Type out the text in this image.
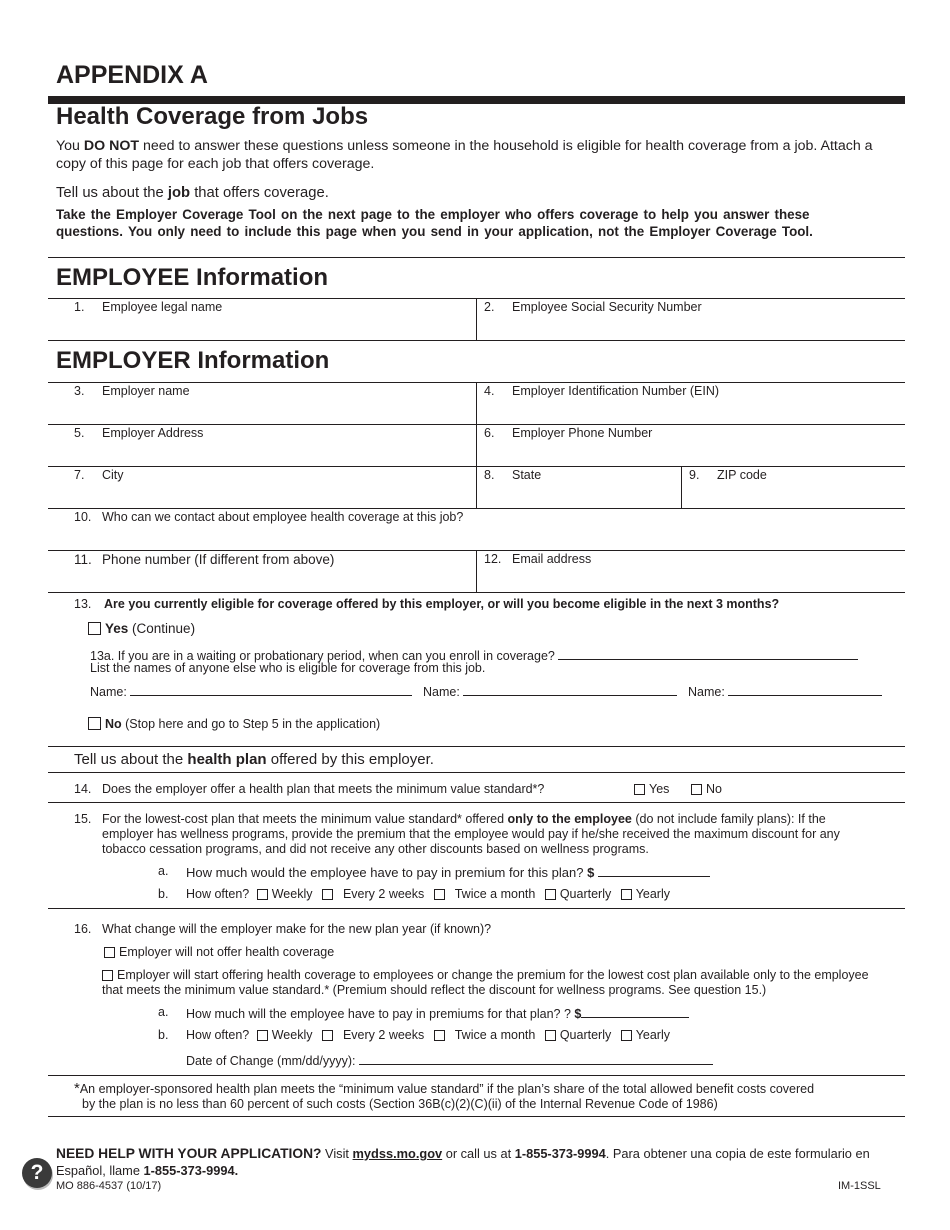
APPENDIX A
Health Coverage from Jobs
You DO NOT need to answer these questions unless someone in the household is eligible for health coverage from a job. Attach a copy of this page for each job that offers coverage.
Tell us about the job that offers coverage.
Take the Employer Coverage Tool on the next page to the employer who offers coverage to help you answer these questions. You only need to include this page when you send in your application, not the Employer Coverage Tool.
EMPLOYEE Information
1. Employee legal name	2. Employee Social Security Number
EMPLOYER Information
3. Employer name	4. Employer Identification Number (EIN)
5. Employer Address	6. Employer Phone Number
7. City	8. State	9. ZIP code
10. Who can we contact about employee health coverage at this job?
11. Phone number (If different from above)	12. Email address
13. Are you currently eligible for coverage offered by this employer, or will you become eligible in the next 3 months?
Yes (Continue)
13a. If you are in a waiting or probationary period, when can you enroll in coverage?
List the names of anyone else who is eligible for coverage from this job.
Name:	Name:	Name:
No (Stop here and go to Step 5 in the application)
Tell us about the health plan offered by this employer.
14. Does the employer offer a health plan that meets the minimum value standard*?	Yes	No
15. For the lowest-cost plan that meets the minimum value standard* offered only to the employee (do not include family plans): If the employer has wellness programs, provide the premium that the employee would pay if he/she received the maximum discount for any tobacco cessation programs, and did not receive any other discounts based on wellness programs.
a. How much would the employee have to pay in premium for this plan? $
b. How often? Weekly Every 2 weeks Twice a month Quarterly Yearly
16. What change will the employer make for the new plan year (if known)?
Employer will not offer health coverage
Employer will start offering health coverage to employees or change the premium for the lowest cost plan available only to the employee that meets the minimum value standard.* (Premium should reflect the discount for wellness programs. See question 15.)
a. How much will the employee have to pay in premiums for that plan? ? $
b. How often? Weekly Every 2 weeks Twice a month Quarterly Yearly
Date of Change (mm/dd/yyyy):
*An employer-sponsored health plan meets the “minimum value standard” if the plan’s share of the total allowed benefit costs covered
by the plan is no less than 60 percent of such costs (Section 36B(c)(2)(C)(ii) of the Internal Revenue Code of 1986)
?
NEED HELP WITH YOUR APPLICATION? Visit mydss.mo.gov or call us at 1-855-373-9994. Para obtener una copia de este formulario en
Español, llame 1-855-373-9994.
MO 886-4537 (10/17)	IM-1SSL
